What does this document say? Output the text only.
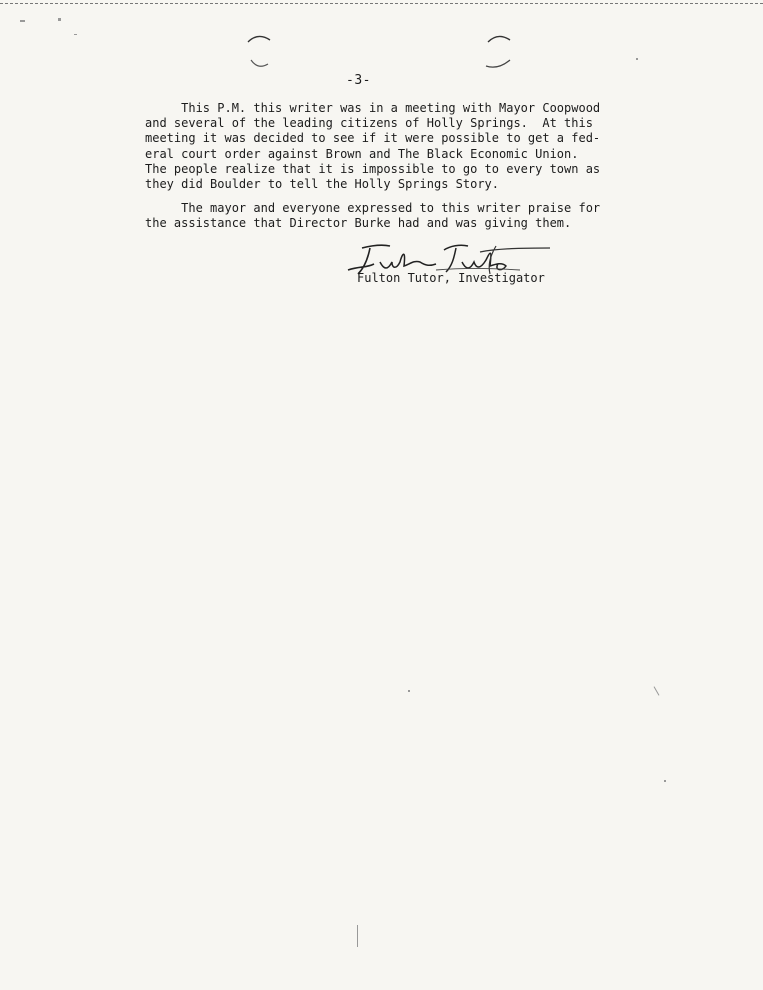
-3-

This P.M. this writer was in a meeting with Mayor Coopwood
and several of the leading citizens of Holly Springs.  At this
meeting it was decided to see if it were possible to get a fed-
eral court order against Brown and The Black Economic Union.
The people realize that it is impossible to go to every town as
they did Boulder to tell the Holly Springs Story.

The mayor and everyone expressed to this writer praise for
the assistance that Director Burke had and was giving them.

Fulton Tutor, Investigator
